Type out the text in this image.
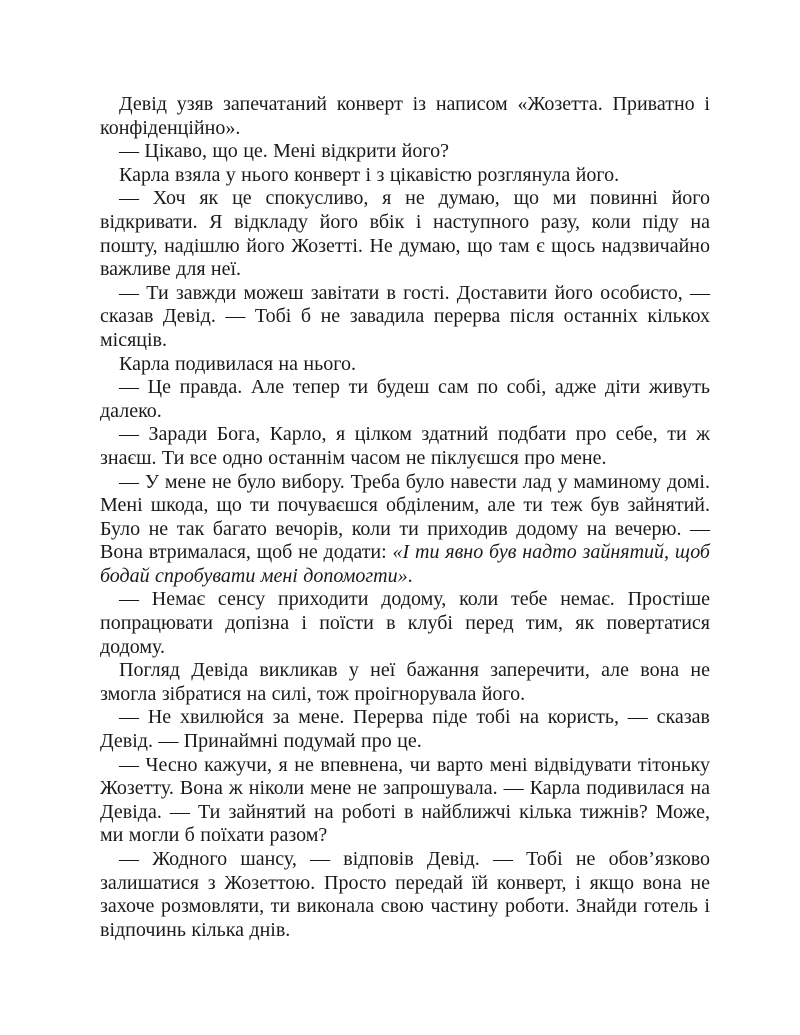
Девід узяв запечатаний конверт із написом «Жозетта. Приватно і конфіденційно».

— Цікаво, що це. Мені відкрити його?

Карла взяла у нього конверт і з цікавістю розглянула його.

— Хоч як це спокусливо, я не думаю, що ми повинні його відкривати. Я відкладу його вбік і наступного разу, коли піду на пошту, надішлю його Жозетті. Не думаю, що там є щось надзвичайно важливе для неї.

— Ти завжди можеш завітати в гості. Доставити його особисто, — сказав Девід. — Тобі б не завадила перерва після останніх кількох місяців.

Карла подивилася на нього.

— Це правда. Але тепер ти будеш сам по собі, адже діти живуть далеко.

— Заради Бога, Карло, я цілком здатний подбати про себе, ти ж знаєш. Ти все одно останнім часом не піклуєшся про мене.

— У мене не було вибору. Треба було навести лад у маминому домі. Мені шкода, що ти почуваєшся обділеним, але ти теж був зайнятий. Було не так багато вечорів, коли ти приходив додому на вечерю. — Вона втрималася, щоб не додати: «І ти явно був надто зайнятий, щоб бодай спробувати мені допомогти».

— Немає сенсу приходити додому, коли тебе немає. Простіше попрацювати допізна і поїсти в клубі перед тим, як повертатися додому.

Погляд Девіда викликав у неї бажання заперечити, але вона не змогла зібратися на силі, тож проігнорувала його.

— Не хвилюйся за мене. Перерва піде тобі на користь, — сказав Девід. — Принаймні подумай про це.

— Чесно кажучи, я не впевнена, чи варто мені відвідувати тітоньку Жозетту. Вона ж ніколи мене не запрошувала. — Карла подивилася на Девіда. — Ти зайнятий на роботі в найближчі кілька тижнів? Може, ми могли б поїхати разом?

— Жодного шансу, — відповів Девід. — Тобі не обов’язково залишатися з Жозеттою. Просто передай їй конверт, і якщо вона не захоче розмовляти, ти виконала свою частину роботи. Знайди готель і відпочинь кілька днів.
